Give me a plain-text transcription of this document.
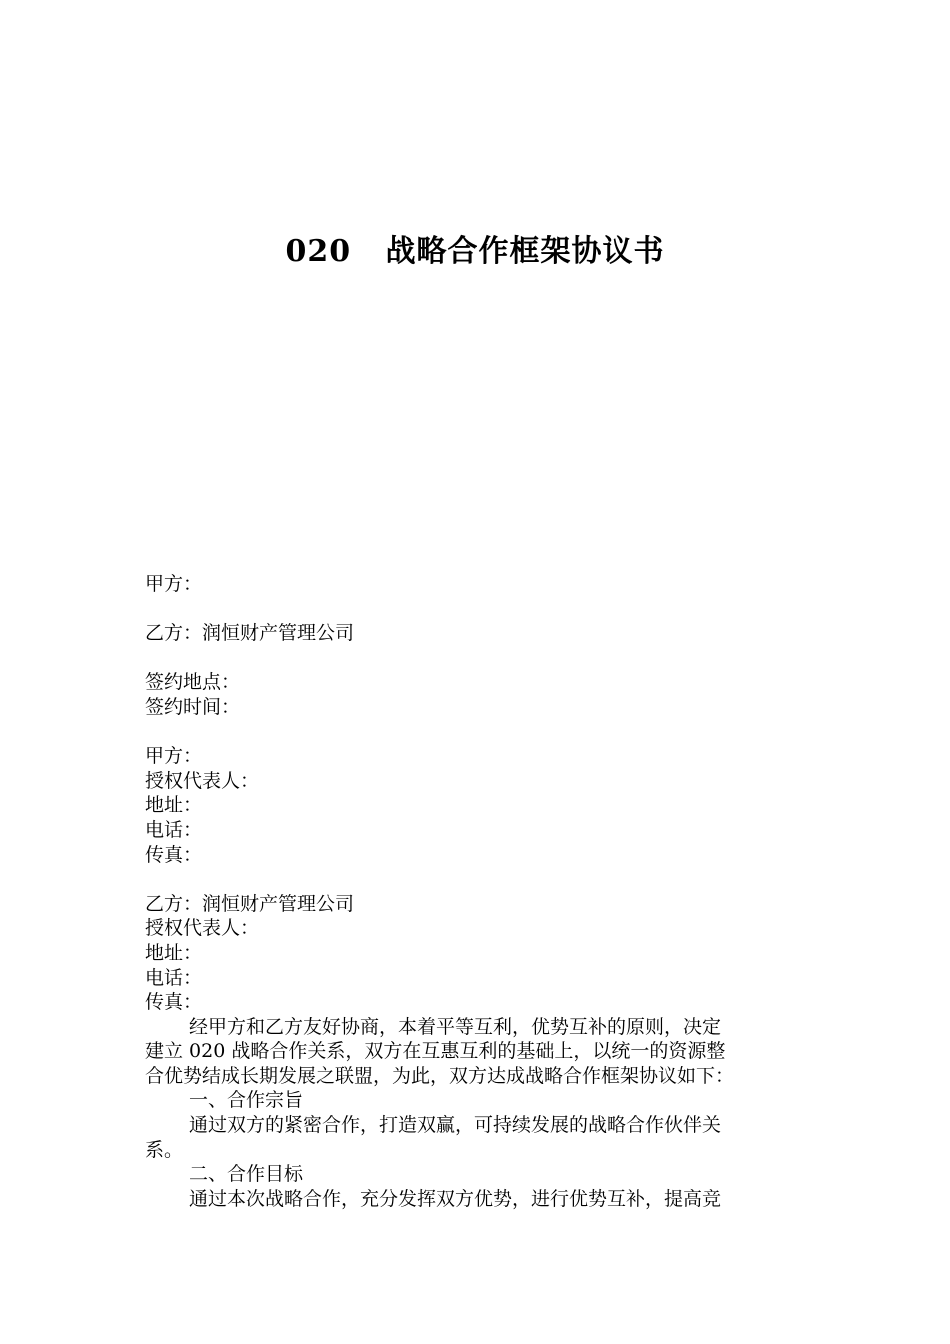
020   战略合作框架协议书
甲方：
乙方：润恒财产管理公司
签约地点：
签约时间：
甲方：
授权代表人：
地址：
电话：
传真：
乙方：润恒财产管理公司
授权代表人：
地址：
电话：
传真：
经甲方和乙方友好协商，本着平等互利，优势互补的原则，决定
建立 020 战略合作关系，双方在互惠互利的基础上，以统一的资源整
合优势结成长期发展之联盟，为此，双方达成战略合作框架协议如下：
一、合作宗旨
通过双方的紧密合作，打造双赢，可持续发展的战略合作伙伴关
系。
二、合作目标
通过本次战略合作，充分发挥双方优势，进行优势互补，提高竞
